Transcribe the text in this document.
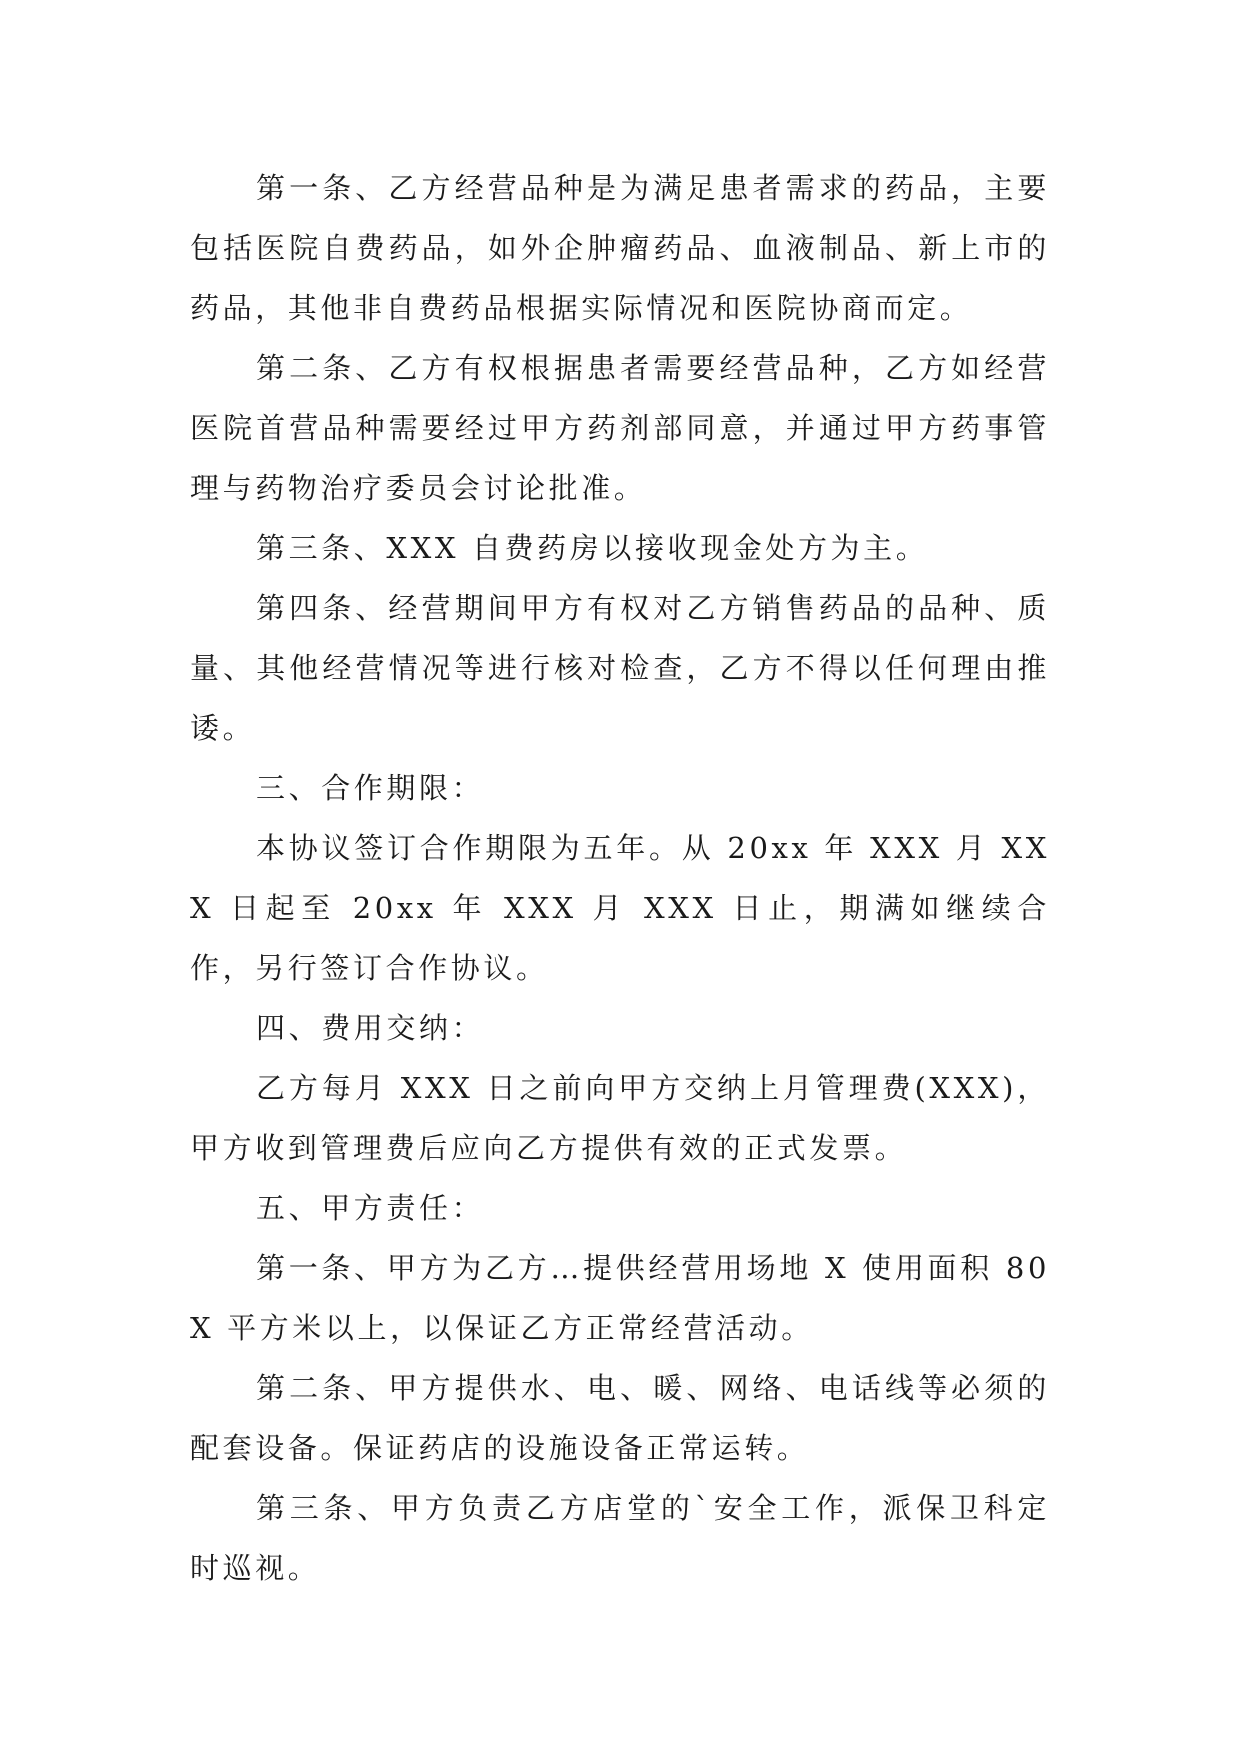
第一条、乙方经营品种是为满足患者需求的药品，主要包括医院自费药品，如外企肿瘤药品、血液制品、新上市的药品，其他非自费药品根据实际情况和医院协商而定。

第二条、乙方有权根据患者需要经营品种，乙方如经营医院首营品种需要经过甲方药剂部同意，并通过甲方药事管理与药物治疗委员会讨论批准。

第三条、XXX 自费药房以接收现金处方为主。

第四条、经营期间甲方有权对乙方销售药品的品种、质量、其他经营情况等进行核对检查，乙方不得以任何理由推诿。

三、合作期限：

本协议签订合作期限为五年。从 20xx 年 XXX 月 XXX 日起至 20xx 年 XXX 月 XXX 日止，期满如继续合作，另行签订合作协议。

四、费用交纳：

乙方每月 XXX 日之前向甲方交纳上月管理费(XXX)，甲方收到管理费后应向乙方提供有效的正式发票。

五、甲方责任：

第一条、甲方为乙方…提供经营用场地 X 使用面积 80X 平方米以上，以保证乙方正常经营活动。

第二条、甲方提供水、电、暖、网络、电话线等必须的配套设备。保证药店的设施设备正常运转。

第三条、甲方负责乙方店堂的`安全工作，派保卫科定时巡视。
